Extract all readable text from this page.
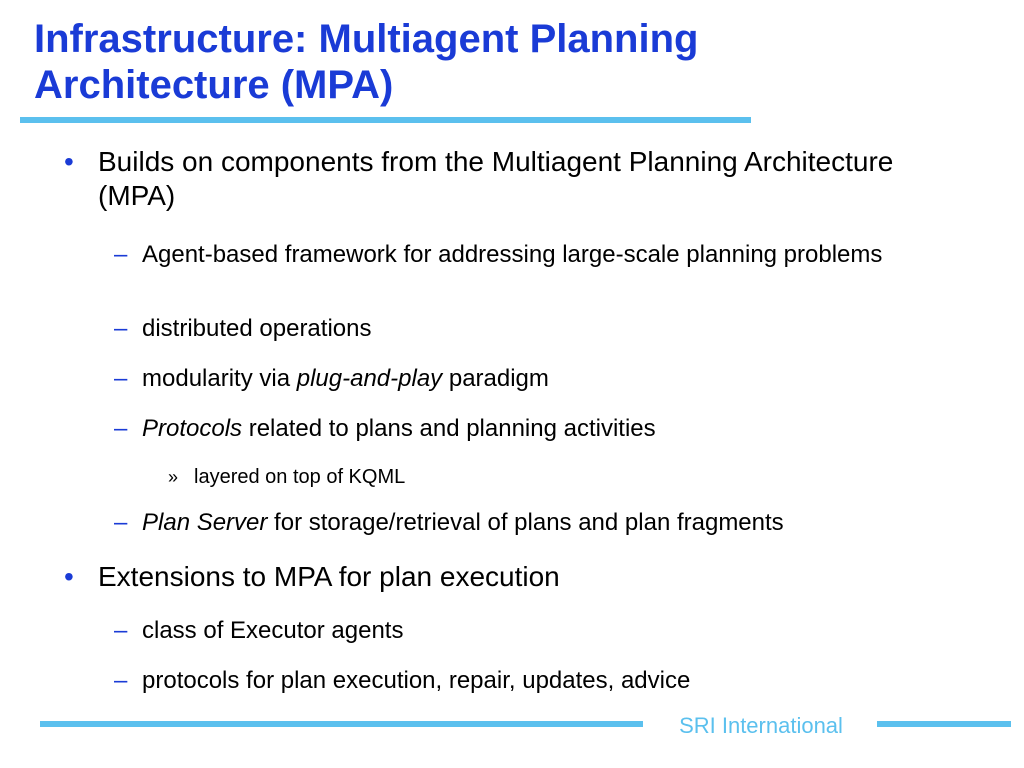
Infrastructure: Multiagent Planning
Architecture (MPA)
• Builds on components from the Multiagent Planning Architecture (MPA)
– Agent-based framework for addressing large-scale planning problems
– distributed operations
– modularity via plug-and-play paradigm
– Protocols related to plans and planning activities
» layered on top of KQML
– Plan Server for storage/retrieval of plans and plan fragments
• Extensions to MPA for plan execution
– class of Executor agents
– protocols for plan execution, repair, updates, advice
SRI International
